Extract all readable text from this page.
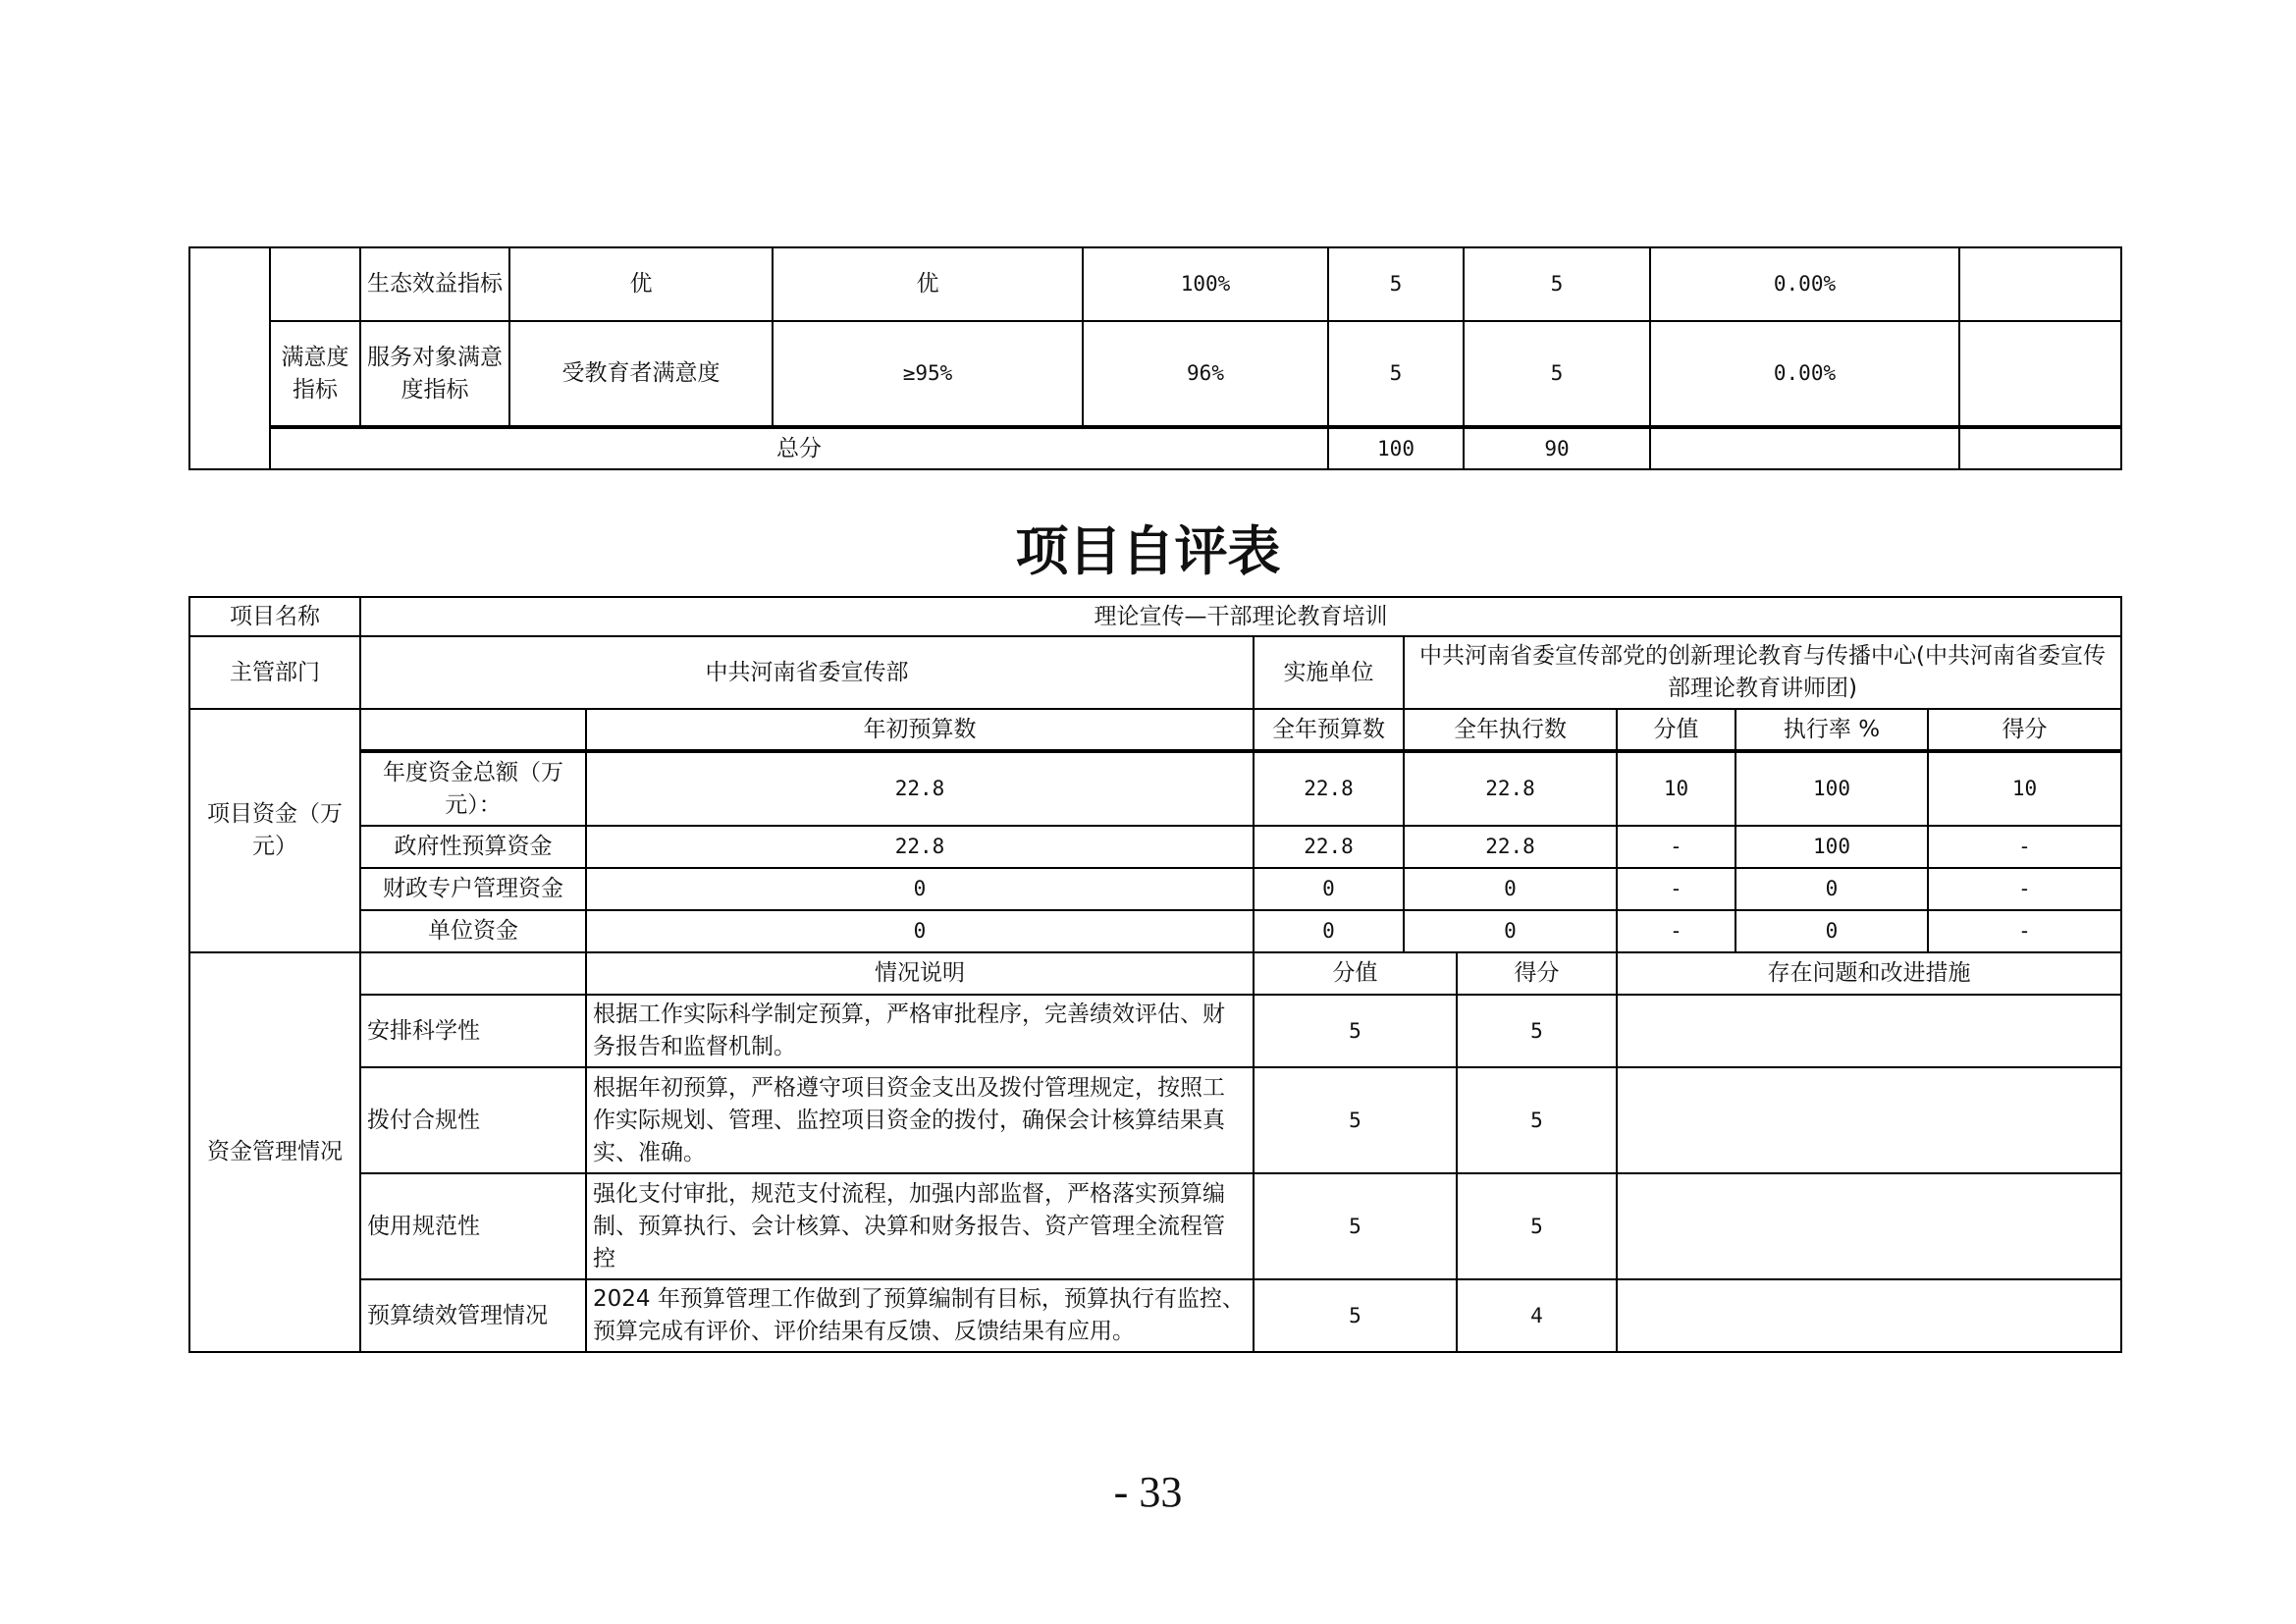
		生态效益指标	优	优	100%	5	5	0.00%	
	满意度指标	服务对象满意度指标	受教育者满意度	≥95%	96%	5	5	0.00%	
	总分					100	90		
项目自评表
项目名称	理论宣传—干部理论教育培训							
主管部门	中共河南省委宣传部		实施单位	中共河南省委宣传部党的创新理论教育与传播中心(中共河南省委宣传部理论教育讲师团)				
项目资金（万元）		年初预算数	全年预算数	全年执行数		分值	执行率 %	得分
	年度资金总额（万元）：	22.8	22.8	22.8		10	100	10
	政府性预算资金	22.8	22.8	22.8		-	100	-
	财政专户管理资金	0	0	0		-	0	-
	单位资金	0	0	0		-	0	-
资金管理情况		情况说明	分值		得分	存在问题和改进措施		
	安排科学性	根据工作实际科学制定预算，严格审批程序，完善绩效评估、财务报告和监督机制。	5		5			
	拨付合规性	根据年初预算，严格遵守项目资金支出及拨付管理规定，按照工作实际规划、管理、监控项目资金的拨付，确保会计核算结果真实、准确。	5		5			
	使用规范性	强化支付审批，规范支付流程，加强内部监督，严格落实预算编制、预算执行、会计核算、决算和财务报告、资产管理全流程管控	5		5			
	预算绩效管理情况	2024 年预算管理工作做到了预算编制有目标，预算执行有监控、预算完成有评价、评价结果有反馈、反馈结果有应用。	5		4			
- 33
